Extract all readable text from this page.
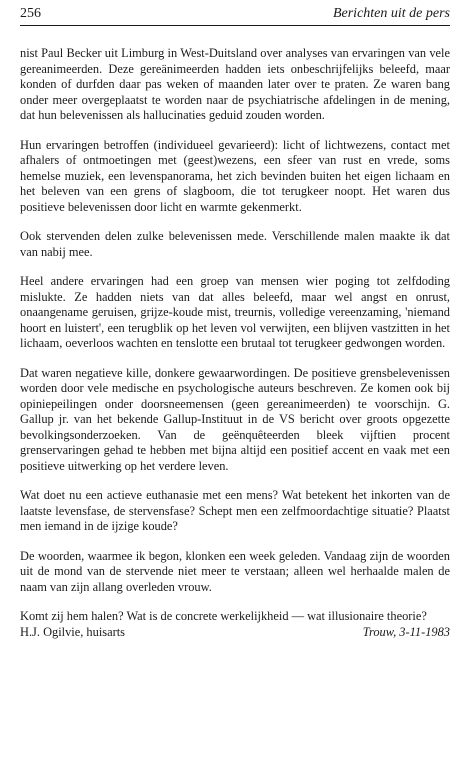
256	Berichten uit de pers

nist Paul Becker uit Limburg in West-Duitsland over analyses van ervaringen van vele gereanimeerden. Deze gereänimeerden hadden iets onbeschrijfelijks beleefd, maar konden of durfden daar pas weken of maanden later over te praten. Ze waren bang onder meer overgeplaatst te worden naar de psychiatrische afdelingen in de mening, dat hun belevenissen als hallucinaties geduid zouden worden.

Hun ervaringen betroffen (individueel gevarieerd): licht of lichtwezens, contact met afhalers of ontmoetingen met (geest)wezens, een sfeer van rust en vrede, soms hemelse muziek, een levenspanorama, het zich bevinden buiten het eigen lichaam en het beleven van een grens of slagboom, die tot terugkeer noopt. Het waren dus positieve belevenissen door licht en warmte gekenmerkt.

Ook stervenden delen zulke belevenissen mede. Verschillende malen maakte ik dat van nabij mee.

Heel andere ervaringen had een groep van mensen wier poging tot zelfdoding mislukte. Ze hadden niets van dat alles beleefd, maar wel angst en onrust, onaangename geruisen, grijze-koude mist, treurnis, volledige vereenzaming, 'niemand hoort en luistert', een terugblik op het leven vol verwijten, een blijven vastzitten in het lichaam, oeverloos wachten en tenslotte een brutaal tot terugkeer gedwongen worden.

Dat waren negatieve kille, donkere gewaarwordingen. De positieve grensbelevenissen worden door vele medische en psychologische auteurs beschreven. Ze komen ook bij opiniepeilingen onder doorsneemensen (geen gereanimeerden) te voorschijn. G. Gallup jr. van het bekende Gallup-Instituut in de VS bericht over groots opgezette bevolkingsonderzoeken. Van de geënquêteerden bleek vijftien procent grenservaringen gehad te hebben met bijna altijd een positief accent en vaak met een positieve uitwerking op het verdere leven.

Wat doet nu een actieve euthanasie met een mens? Wat betekent het inkorten van de laatste levensfase, de stervensfase? Schept men een zelfmoordachtige situatie? Plaatst men iemand in de ijzige koude?

De woorden, waarmee ik begon, klonken een week geleden. Vandaag zijn de woorden uit de mond van de stervende niet meer te verstaan; alleen wel herhaalde malen de naam van zijn allang overleden vrouw.

Komt zij hem halen? Wat is de concrete werkelijkheid — wat illusionaire theorie?
H.J. Ogilvie, huisarts	Trouw, 3-11-1983
